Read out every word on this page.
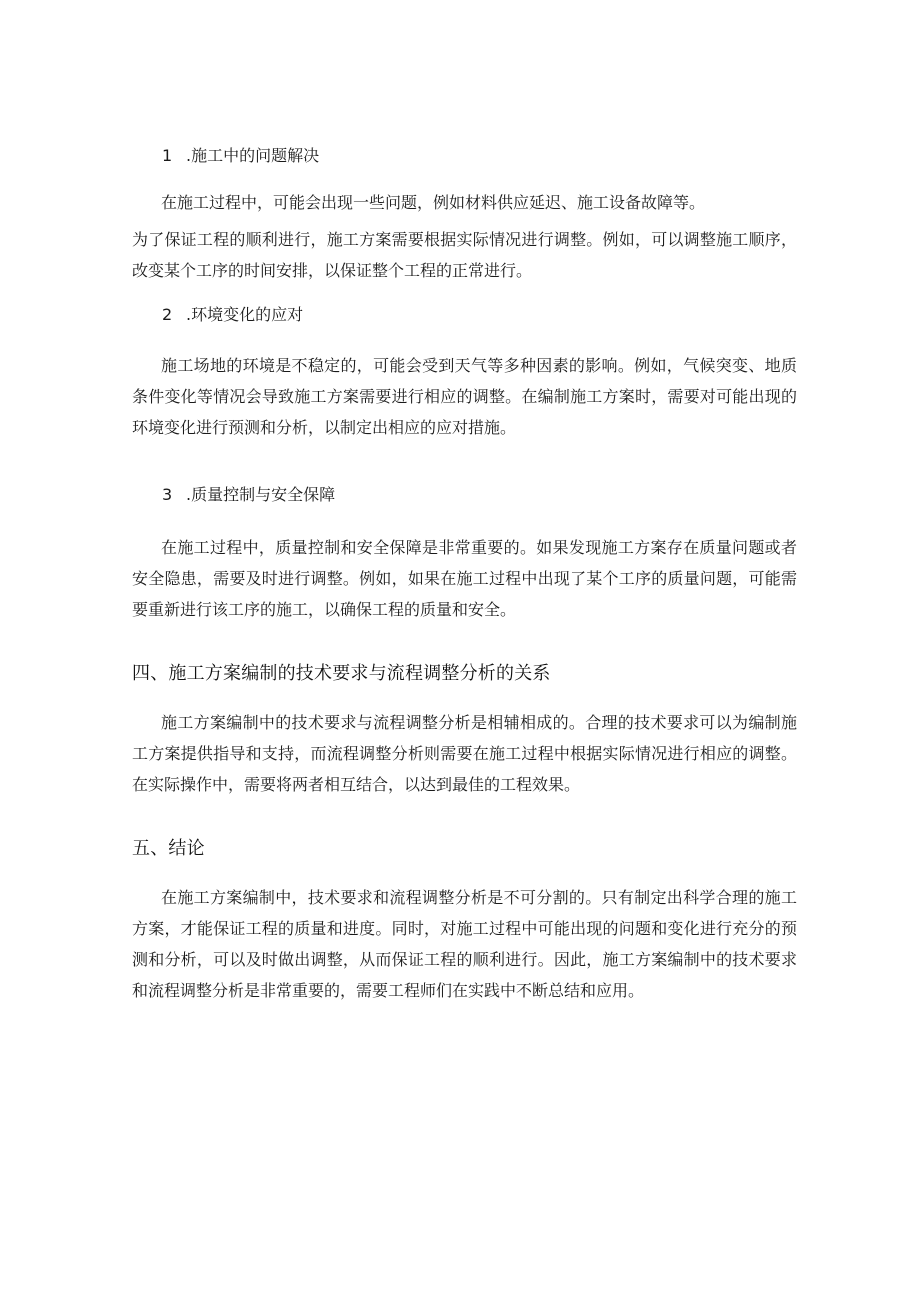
1 .施工中的问题解决

在施工过程中，可能会出现一些问题，例如材料供应延迟、施工设备故障等。

为了保证工程的顺利进行，施工方案需要根据实际情况进行调整。例如，可以调整施工顺序，改变某个工序的时间安排，以保证整个工程的正常进行。

2 .环境变化的应对

施工场地的环境是不稳定的，可能会受到天气等多种因素的影响。例如，气候突变、地质条件变化等情况会导致施工方案需要进行相应的调整。在编制施工方案时，需要对可能出现的环境变化进行预测和分析，以制定出相应的应对措施。

3 .质量控制与安全保障

在施工过程中，质量控制和安全保障是非常重要的。如果发现施工方案存在质量问题或者安全隐患，需要及时进行调整。例如，如果在施工过程中出现了某个工序的质量问题，可能需要重新进行该工序的施工，以确保工程的质量和安全。

四、施工方案编制的技术要求与流程调整分析的关系

施工方案编制中的技术要求与流程调整分析是相辅相成的。合理的技术要求可以为编制施工方案提供指导和支持，而流程调整分析则需要在施工过程中根据实际情况进行相应的调整。在实际操作中，需要将两者相互结合，以达到最佳的工程效果。

五、结论

在施工方案编制中，技术要求和流程调整分析是不可分割的。只有制定出科学合理的施工方案，才能保证工程的质量和进度。同时，对施工过程中可能出现的问题和变化进行充分的预测和分析，可以及时做出调整，从而保证工程的顺利进行。因此，施工方案编制中的技术要求和流程调整分析是非常重要的，需要工程师们在实践中不断总结和应用。
